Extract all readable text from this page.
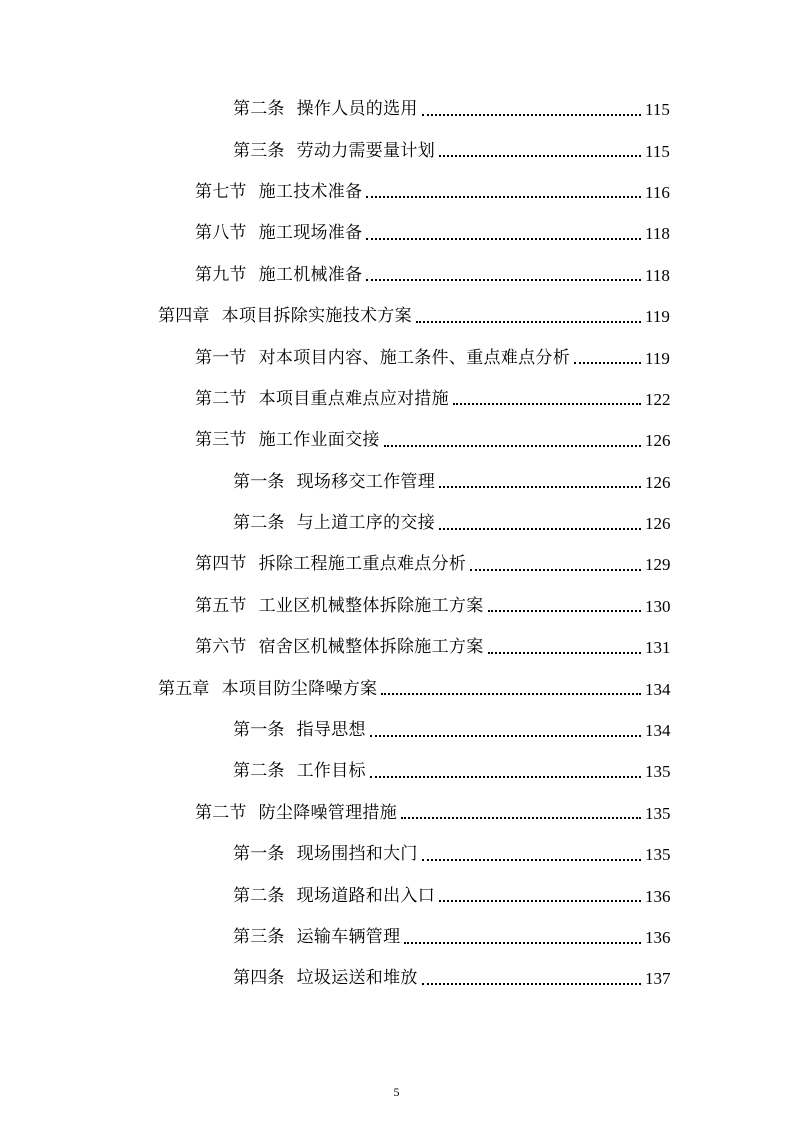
第二条 操作人员的选用	115
第三条 劳动力需要量计划	115
第七节 施工技术准备	116
第八节 施工现场准备	118
第九节 施工机械准备	118
第四章 本项目拆除实施技术方案	119
第一节 对本项目内容、施工条件、重点难点分析	119
第二节 本项目重点难点应对措施	122
第三节 施工作业面交接	126
第一条 现场移交工作管理	126
第二条 与上道工序的交接	126
第四节 拆除工程施工重点难点分析	129
第五节 工业区机械整体拆除施工方案	130
第六节 宿舍区机械整体拆除施工方案	131
第五章 本项目防尘降噪方案	134
第一条 指导思想	134
第二条 工作目标	135
第二节 防尘降噪管理措施	135
第一条 现场围挡和大门	135
第二条 现场道路和出入口	136
第三条 运输车辆管理	136
第四条 垃圾运送和堆放	137
5
